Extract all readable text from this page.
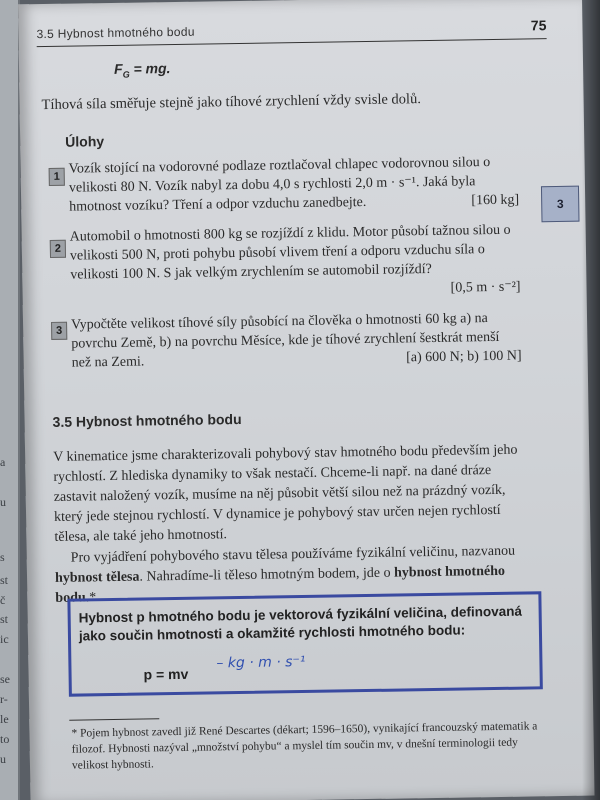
a
u
s
st
č
st
ic
se
r-
le
to
u
3.5 Hybnost hmotného bodu	75
$F_G$ = mg.
Tíhová síla směřuje stejně jako tíhové zrychlení vždy svisle dolů.
Úlohy
1
Vozík stojící na vodorovné podlaze roztlačoval chlapec vodorovnou silou o velikosti 80 N. Vozík nabyl za dobu 4,0 s rychlosti 2,0 m · s⁻¹. Jaká byla hmotnost vozíku? Tření a odpor vzduchu zanedbejte.	[160 kg]
2
Automobil o hmotnosti 800 kg se rozjíždí z klidu. Motor působí tažnou silou o velikosti 500 N, proti pohybu působí vlivem tření a odporu vzduchu síla o velikosti 100 N. S jak velkým zrychlením se automobil rozjíždí?
[0,5 m · s⁻²]
3 Vypočtěte velikost tíhové síly působící na člověka o hmotnosti 60 kg a) na povrchu Země, b) na povrchu Měsíce, kde je tíhové zrychlení šestkrát menší než na Zemi.	[a) 600 N; b) 100 N]
3
3.5 Hybnost hmotného bodu
V kinematice jsme charakterizovali pohybový stav hmotného bodu především jeho rychlostí. Z hlediska dynamiky to však nestačí. Chceme-li např. na dané dráze zastavit naložený vozík, musíme na něj působit větší silou než na prázdný vozík, který jede stejnou rychlostí. V dynamice je pohybový stav určen nejen rychlostí tělesa, ale také jeho hmotností.
Pro vyjádření pohybového stavu tělesa používáme fyzikální veličinu, nazvanou hybnost tělesa. Nahradíme-li těleso hmotným bodem, jde o hybnost hmotného bodu.*
Hybnost p hmotného bodu je vektorová fyzikální veličina, definovaná jako součin hmotnosti a okamžité rychlosti hmotného bodu:
p = mv
– kg · m · s⁻¹
* Pojem hybnost zavedl již René Descartes (dékart; 1596–1650), vynikající francouzský matematik a filozof. Hybnosti nazýval „množství pohybu“ a myslel tím součin mv, v dnešní terminologii tedy velikost hybnosti.
